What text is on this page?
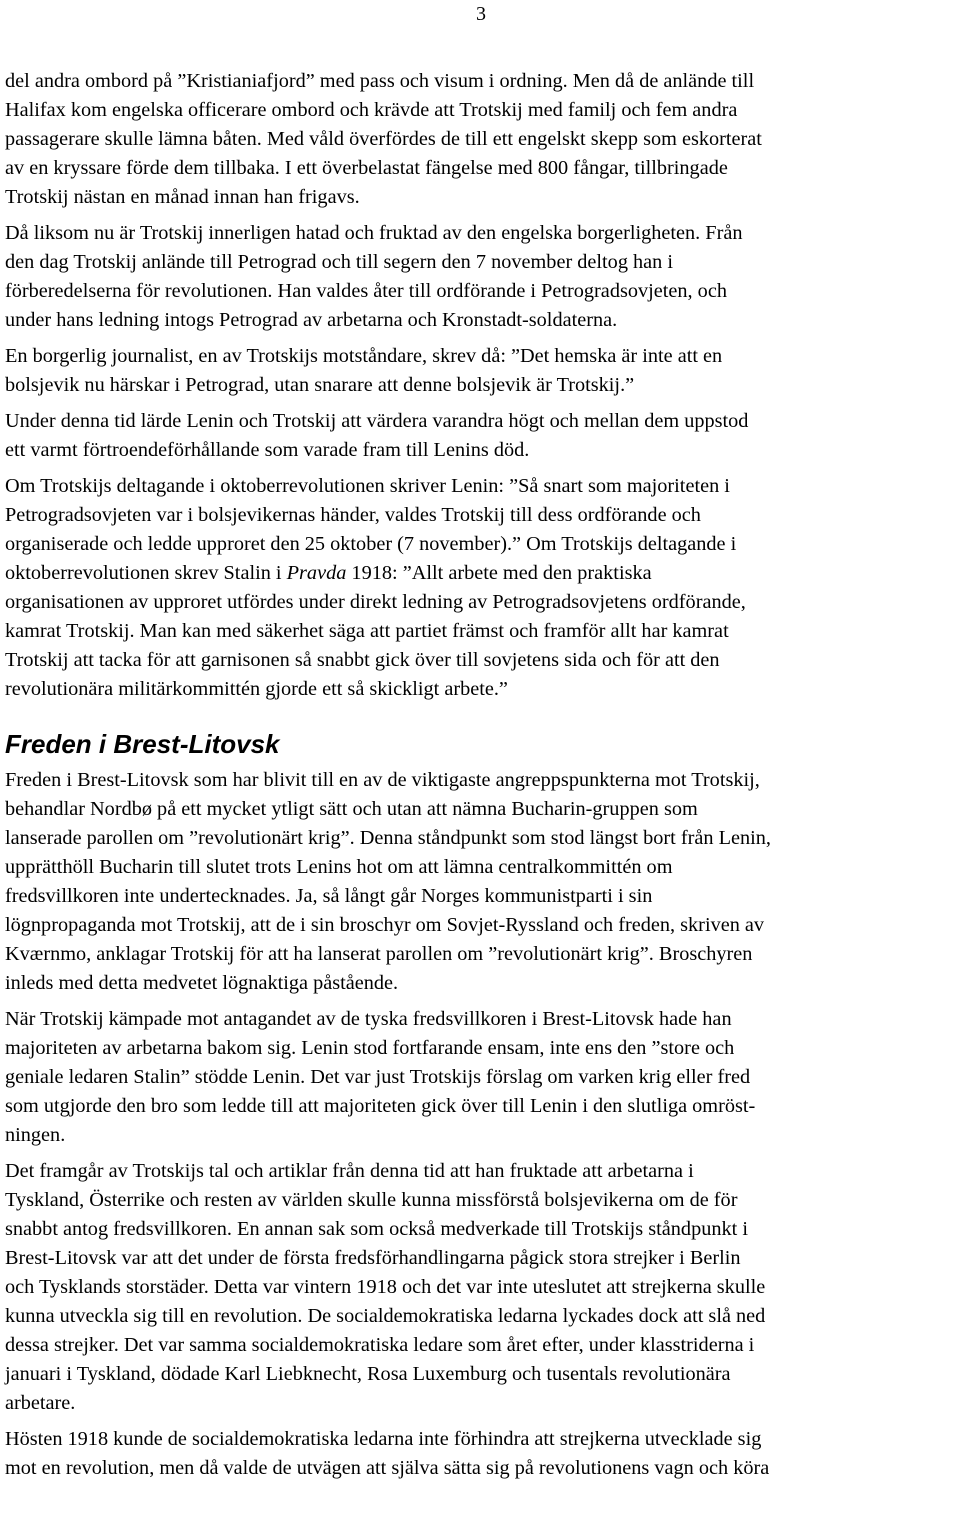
3

del andra ombord på ”Kristianiafjord” med pass och visum i ordning. Men då de anlände till
Halifax kom engelska officerare ombord och krävde att Trotskij med familj och fem andra
passagerare skulle lämna båten. Med våld överfördes de till ett engelskt skepp som eskorterat
av en kryssare förde dem tillbaka. I ett överbelastat fängelse med 800 fångar, tillbringade
Trotskij nästan en månad innan han frigavs.

Då liksom nu är Trotskij innerligen hatad och fruktad av den engelska borgerligheten. Från
den dag Trotskij anlände till Petrograd och till segern den 7 november deltog han i
förberedelserna för revolutionen. Han valdes åter till ordförande i Petrogradsovjeten, och
under hans ledning intogs Petrograd av arbetarna och Kronstadt-soldaterna.

En borgerlig journalist, en av Trotskijs motståndare, skrev då: ”Det hemska är inte att en
bolsjevik nu härskar i Petrograd, utan snarare att denne bolsjevik är Trotskij.”

Under denna tid lärde Lenin och Trotskij att värdera varandra högt och mellan dem uppstod
ett varmt förtroendeförhållande som varade fram till Lenins död.

Om Trotskijs deltagande i oktoberrevolutionen skriver Lenin: ”Så snart som majoriteten i
Petrogradsovjeten var i bolsjevikernas händer, valdes Trotskij till dess ordförande och
organiserade och ledde upproret den 25 oktober (7 november).” Om Trotskijs deltagande i
oktoberrevolutionen skrev Stalin i Pravda 1918: ”Allt arbete med den praktiska
organisationen av upproret utfördes under direkt ledning av Petrogradsovjetens ordförande,
kamrat Trotskij. Man kan med säkerhet säga att partiet främst och framför allt har kamrat
Trotskij att tacka för att garnisonen så snabbt gick över till sovjetens sida och för att den
revolutionära militärkommittén gjorde ett så skickligt arbete.”

Freden i Brest-Litovsk

Freden i Brest-Litovsk som har blivit till en av de viktigaste angreppspunkterna mot Trotskij,
behandlar Nordbø på ett mycket ytligt sätt och utan att nämna Bucharin-gruppen som
lanserade parollen om ”revolutionärt krig”. Denna ståndpunkt som stod längst bort från Lenin,
upprätthöll Bucharin till slutet trots Lenins hot om att lämna centralkommittén om
fredsvillkoren inte undertecknades. Ja, så långt går Norges kommunistparti i sin
lögnpropaganda mot Trotskij, att de i sin broschyr om Sovjet-Ryssland och freden, skriven av
Kværnmo, anklagar Trotskij för att ha lanserat parollen om ”revolutionärt krig”. Broschyren
inleds med detta medvetet lögnaktiga påstående.

När Trotskij kämpade mot antagandet av de tyska fredsvillkoren i Brest-Litovsk hade han
majoriteten av arbetarna bakom sig. Lenin stod fortfarande ensam, inte ens den ”store och
geniale ledaren Stalin” stödde Lenin. Det var just Trotskijs förslag om varken krig eller fred
som utgjorde den bro som ledde till att majoriteten gick över till Lenin i den slutliga omröst-
ningen.

Det framgår av Trotskijs tal och artiklar från denna tid att han fruktade att arbetarna i
Tyskland, Österrike och resten av världen skulle kunna missförstå bolsjevikerna om de för
snabbt antog fredsvillkoren. En annan sak som också medverkade till Trotskijs ståndpunkt i
Brest-Litovsk var att det under de första fredsförhandlingarna pågick stora strejker i Berlin
och Tysklands storstäder. Detta var vintern 1918 och det var inte uteslutet att strejkerna skulle
kunna utveckla sig till en revolution. De socialdemokratiska ledarna lyckades dock att slå ned
dessa strejker. Det var samma socialdemokratiska ledare som året efter, under klasstriderna i
januari i Tyskland, dödade Karl Liebknecht, Rosa Luxemburg och tusentals revolutionära
arbetare.

Hösten 1918 kunde de socialdemokratiska ledarna inte förhindra att strejkerna utvecklade sig
mot en revolution, men då valde de utvägen att själva sätta sig på revolutionens vagn och köra
